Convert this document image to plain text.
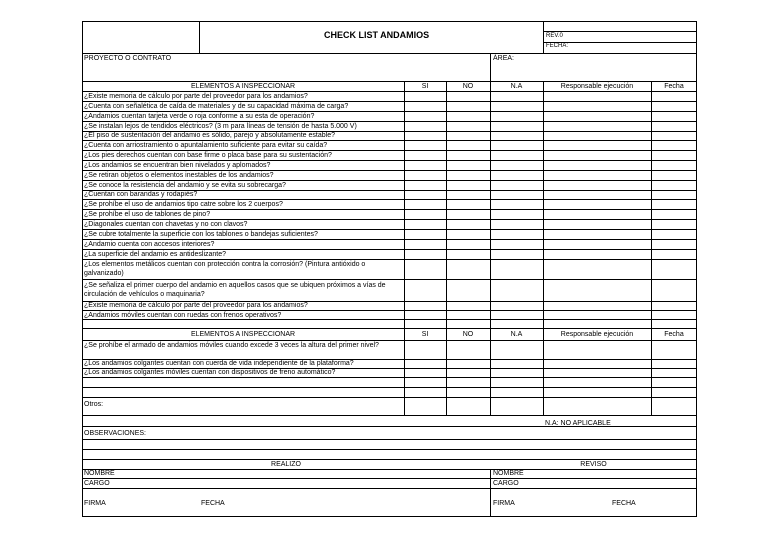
CHECK LIST ANDAMIOS	REV.0
FECHA:
PROYECTO O CONTRATO	ÁREA:
ELEMENTOS A INSPECCIONAR	SI	NO	N.A	Responsable ejecución	Fecha
¿Existe memoria de cálculo por parte del proveedor para los andamios?
¿Cuenta con señalética de caída de materiales y de su capacidad máxima de carga?
¿Andamios cuentan tarjeta verde o roja conforme a su esta de operación?
¿Se instalan lejos de tendidos eléctricos? (3 m para líneas de tensión de hasta 5.000 V)
¿El piso de sustentación del andamio es sólido, parejo y absolutamente estable?
¿Cuenta con arriostramiento o apuntalamiento suficiente para evitar su caída?
¿Los pies derechos cuentan con base firme o placa base para su sustentación?
¿Los andamios se encuentran bien nivelados y aplomados?
¿Se retiran objetos o elementos inestables de los andamios?
¿Se conoce la resistencia del andamio y se evita su sobrecarga?
¿Cuentan con barandas y rodapiés?
¿Se prohíbe el uso de andamios tipo catre sobre los 2 cuerpos?
¿Se prohíbe el uso de tablones de pino?
¿Diagonales cuentan con chavetas y no con clavos?
¿Se cubre totalmente la superficie con los tablones o bandejas suficientes?
¿Andamio cuenta con accesos interiores?
¿La superficie del andamio es antideslizante?
¿Los elementos metálicos cuentan con protección contra la corrosión? (Pintura antióxido o galvanizado)
¿Se señaliza el primer cuerpo del andamio en aquellos casos que se ubiquen próximos a vías de circulación de vehículos o maquinaria?
¿Existe memoria de cálculo por parte del proveedor para los andamios?
¿Andamios móviles cuentan con ruedas con frenos operativos?
ELEMENTOS A INSPECCIONAR	SI	NO	N.A	Responsable ejecución	Fecha
¿Se prohíbe el armado de andamios móviles cuando excede 3 veces la altura del primer nivel?
¿Los andamios colgantes cuentan con cuerda de vida independiente de la plataforma?
¿Los andamios colgantes móviles cuentan con dispositivos de freno automático?
Otros:
N.A: NO APLICABLE
OBSERVACIONES:
REALIZO	REVISO
NOMBRE	NOMBRE
CARGO	CARGO
FIRMA	FECHA	FIRMA	FECHA
